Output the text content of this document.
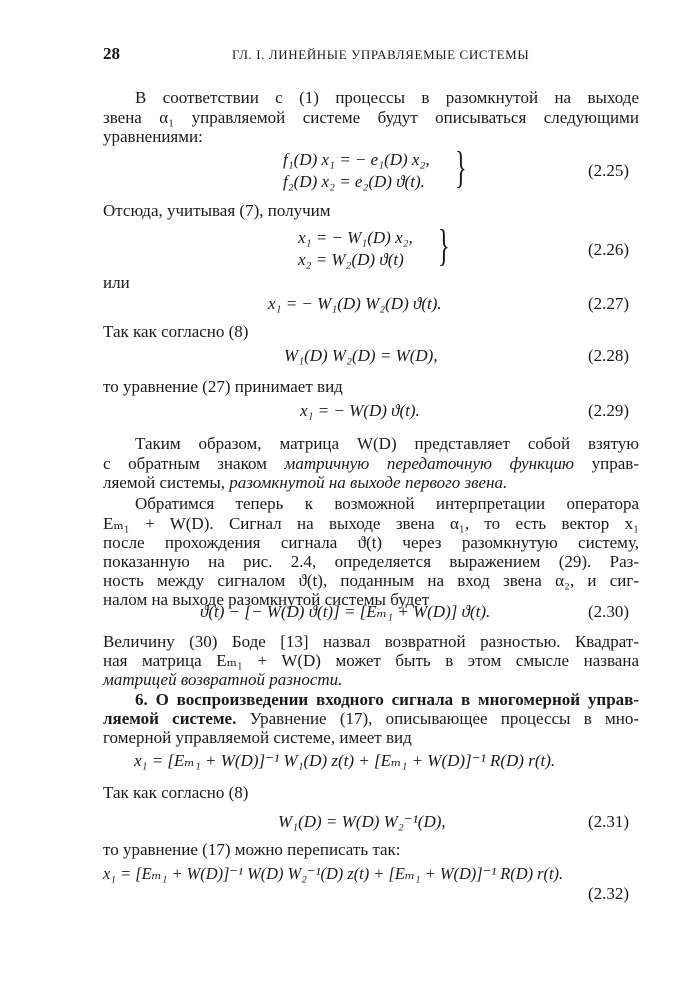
28	ГЛ. I. ЛИНЕЙНЫЕ УПРАВЛЯЕМЫЕ СИСТЕМЫ
В соответствии с (1) процессы в разомкнутой на выходе
звена α₁ управляемой системе будут описываться следующими
уравнениями:
f₁(D) x₁ = − e₁(D) x₂,
f₂(D) x₂ = e₂(D) ϑ(t). }	(2.25)
Отсюда, учитывая (7), получим
x₁ = − W₁(D) x₂,
x₂ = W₂(D) ϑ(t) }	(2.26)
или
x₁ = − W₁(D) W₂(D) ϑ(t).	(2.27)
Так как согласно (8)
W₁(D) W₂(D) = W(D),	(2.28)
то уравнение (27) принимает вид
x₁ = − W(D) ϑ(t).	(2.29)
Таким образом, матрица W(D) представляет собой взятую
с обратным знаком матричную передаточную функцию управ-
ляемой системы, разомкнутой на выходе первого звена.
Обратимся теперь к возможной интерпретации оператора
Eₘ₁ + W(D). Сигнал на выходе звена α₁, то есть вектор x₁
после прохождения сигнала ϑ(t) через разомкнутую систему,
показанную на рис. 2.4, определяется выражением (29). Раз-
ность между сигналом ϑ(t), поданным на вход звена α₂, и сиг-
налом на выходе разомкнутой системы будет
ϑ(t) − [− W(D) ϑ(t)] = [Eₘ₁ + W(D)] ϑ(t).	(2.30)
Величину (30) Боде [13] назвал возвратной разностью. Квадрат-
ная матрица Eₘ₁ + W(D) может быть в этом смысле названа
матрицей возвратной разности.
6. О воспроизведении входного сигнала в многомерной управ-
ляемой системе. Уравнение (17), описывающее процессы в мно-
гомерной управляемой системе, имеет вид
x₁ = [Eₘ₁ + W(D)]⁻¹ W₁(D) z(t) + [Eₘ₁ + W(D)]⁻¹ R(D) r(t).
Так как согласно (8)
W₁(D) = W(D) W₂⁻¹(D),	(2.31)
то уравнение (17) можно переписать так:
x₁ = [Eₘ₁ + W(D)]⁻¹ W(D) W₂⁻¹(D) z(t) + [Eₘ₁ + W(D)]⁻¹ R(D) r(t).
(2.32)
